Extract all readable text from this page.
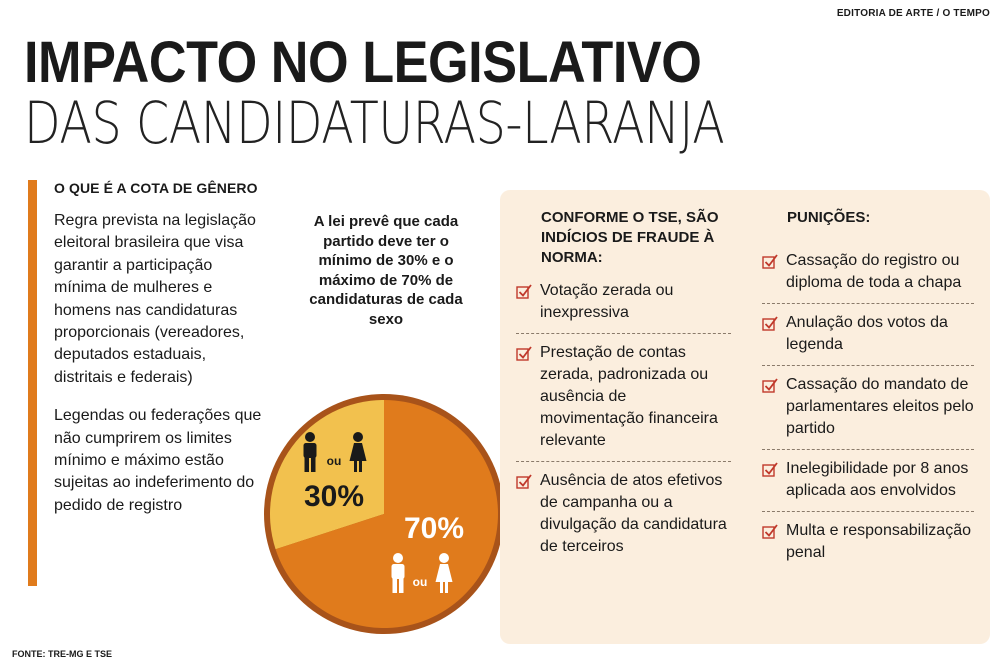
EDITORIA DE ARTE / O TEMPO
IMPACTO NO LEGISLATIVO
DAS CANDIDATURAS-LARANJA
O QUE É A COTA DE GÊNERO

Regra prevista na legislação eleitoral brasileira que visa garantir a participação mínima de mulheres e homens nas candidaturas proporcionais (vereadores, deputados estaduais, distritais e federais)

Legendas ou federações que não cumprirem os limites mínimo e máximo estão sujeitas ao indeferimento do pedido de registro

A lei prevê que cada partido deve ter o mínimo de 30% e o máximo de 70% de candidaturas de cada sexo
ou
30%
70%
ou
CONFORME O TSE, SÃO INDÍCIOS DE FRAUDE À NORMA:
Votação zerada ou inexpressiva
Prestação de contas zerada, padronizada ou ausência de movimentação financeira relevante
Ausência de atos efetivos de campanha ou a divulgação da candidatura de terceiros
PUNIÇÕES:
Cassação do registro ou diploma de toda a chapa
Anulação dos votos da legenda
Cassação do mandato de parlamentares eleitos pelo partido
Inelegibilidade por 8 anos aplicada aos envolvidos
Multa e responsabilização penal
FONTE: TRE-MG E TSE
